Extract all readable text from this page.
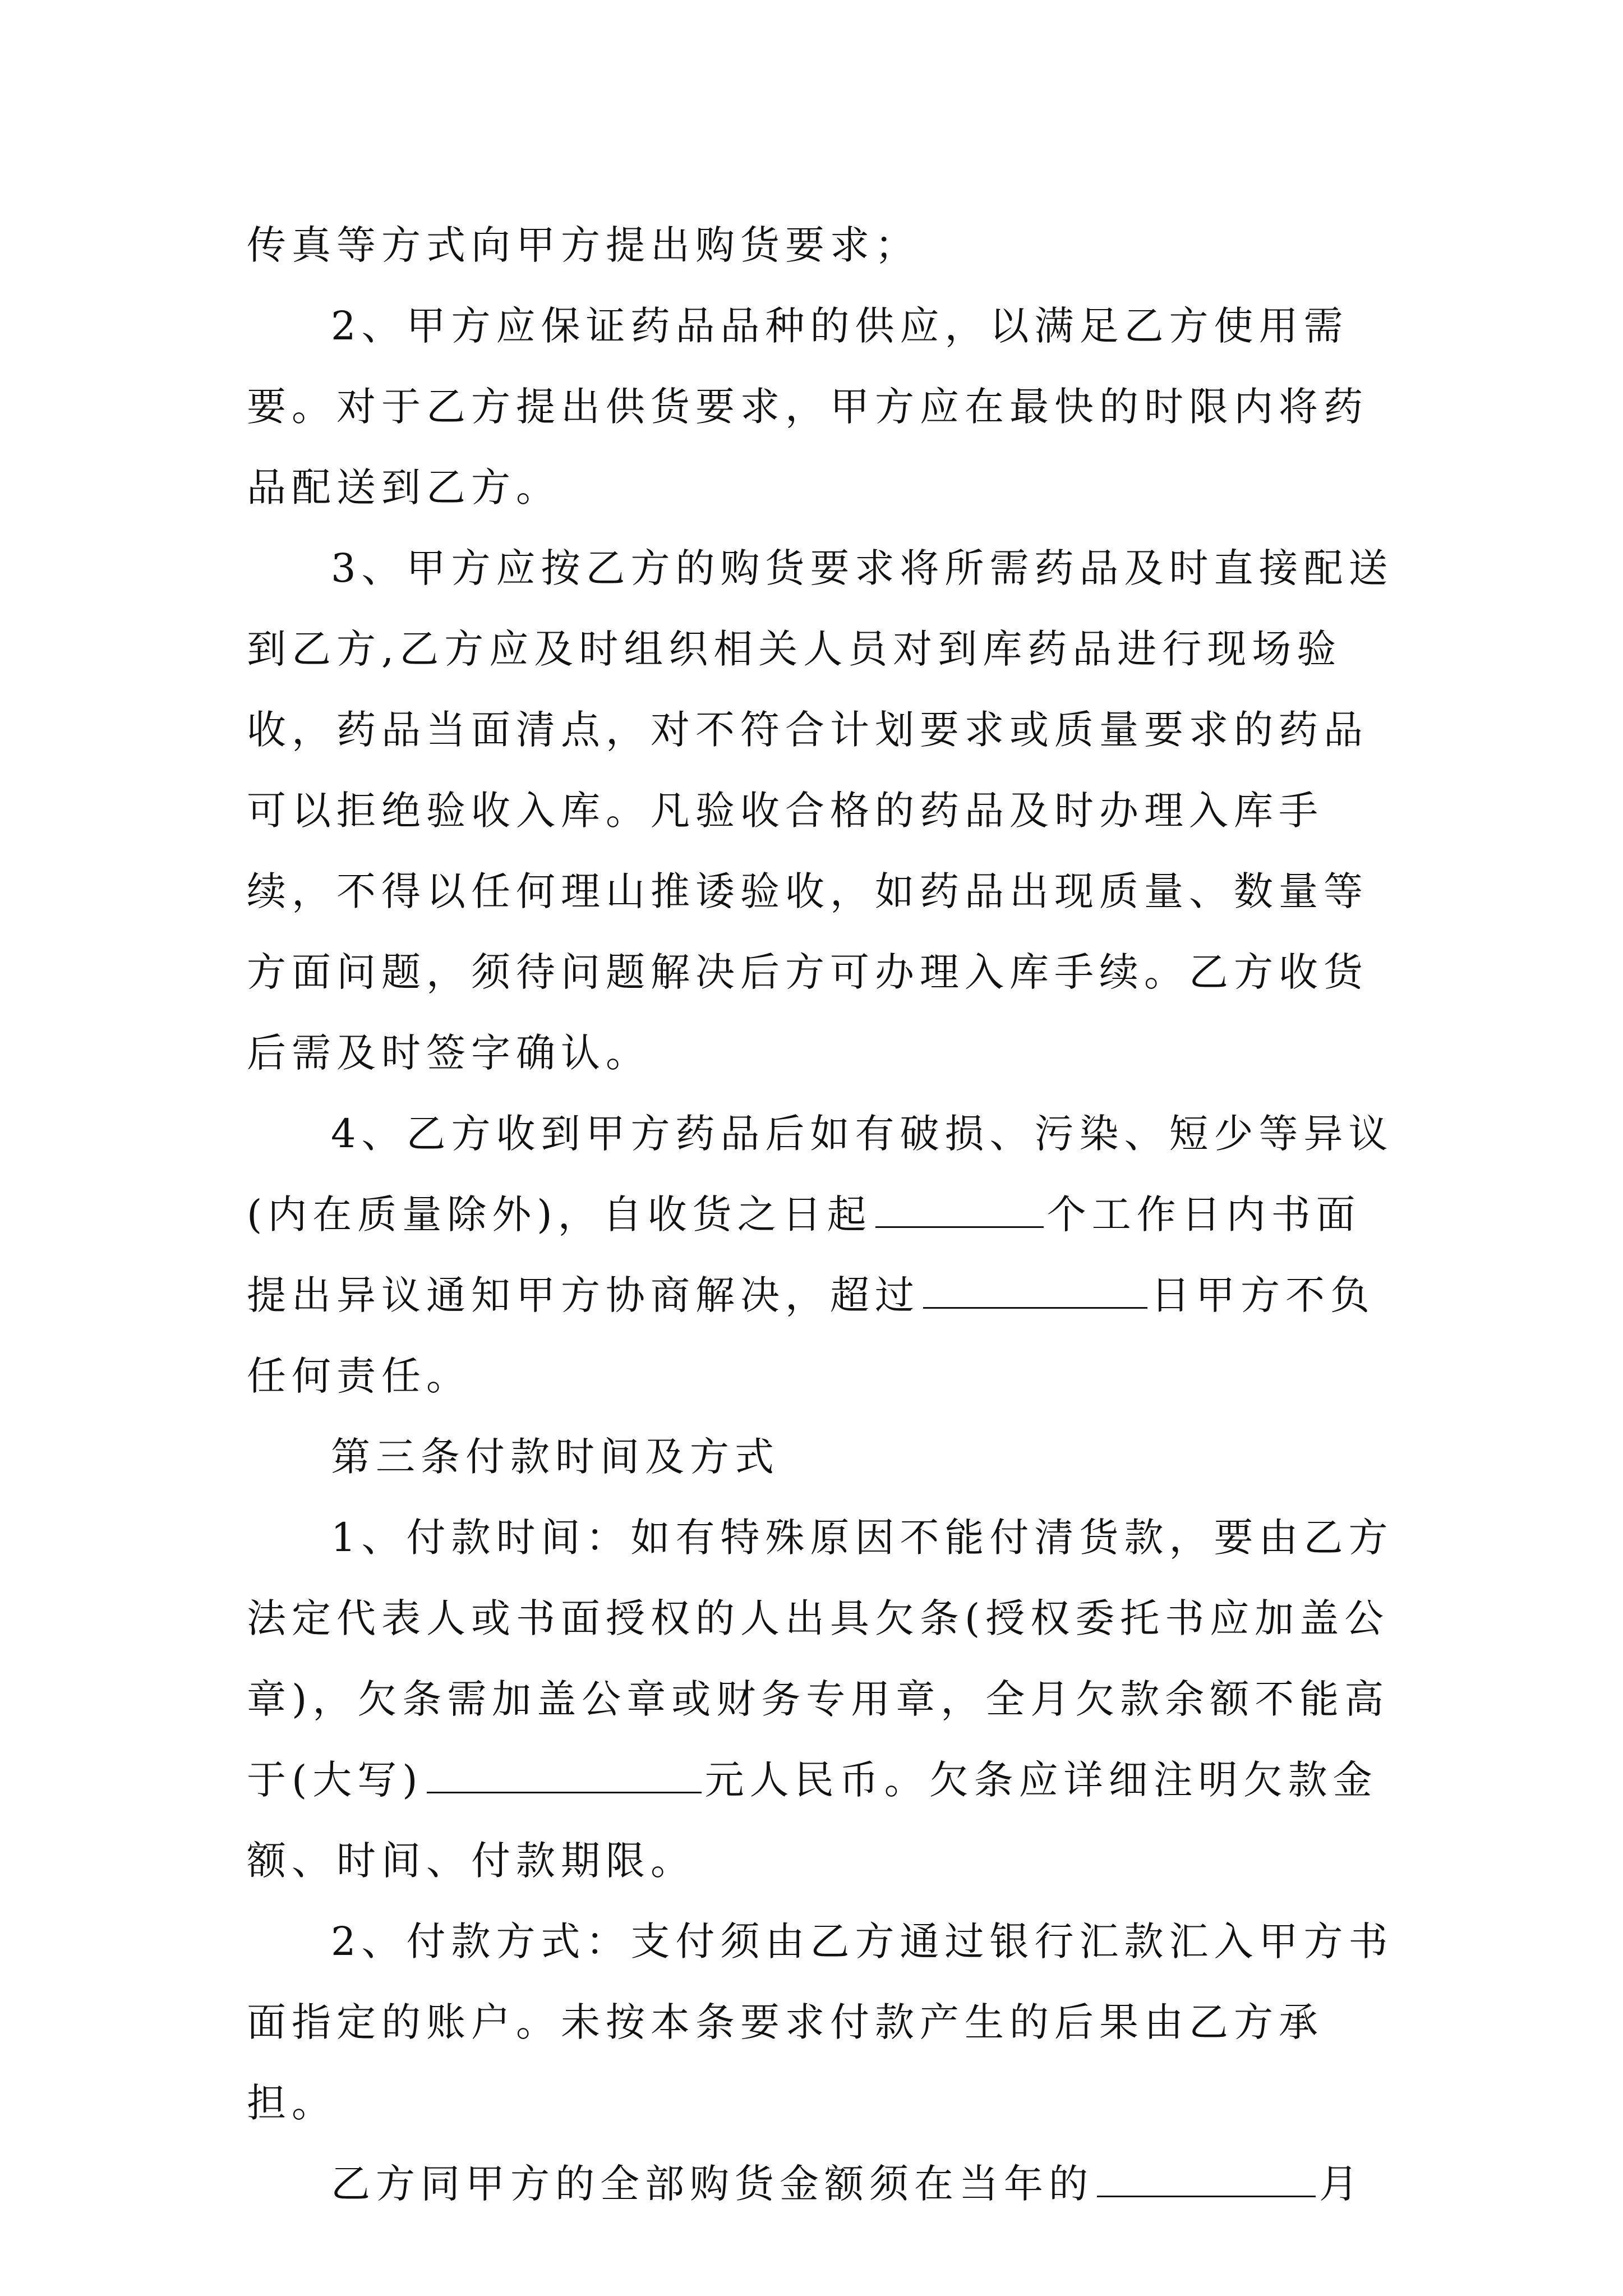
传真等方式向甲方提出购货要求；

2、甲方应保证药品品种的供应，以满足乙方使用需要。对于乙方提出供货要求，甲方应在最快的时限内将药品配送到乙方。

3、甲方应按乙方的购货要求将所需药品及时直接配送到乙方,乙方应及时组织相关人员对到库药品进行现场验收，药品当面清点，对不符合计划要求或质量要求的药品可以拒绝验收入库。凡验收合格的药品及时办理入库手续，不得以任何理山推诿验收，如药品出现质量、数量等方面问题，须待问题解决后方可办理入库手续。乙方收货后需及时签字确认。

4、乙方收到甲方药品后如有破损、污染、短少等异议(内在质量除外)，自收货之日起	个工作日内书面提出异议通知甲方协商解决，超过	日甲方不负任何责任。

第三条付款时间及方式

1、付款时间：如有特殊原因不能付清货款，要由乙方法定代表人或书面授权的人出具欠条(授权委托书应加盖公章)，欠条需加盖公章或财务专用章，全月欠款余额不能高于(大写)	元人民币。欠条应详细注明欠款金额、时间、付款期限。

2、付款方式：支付须由乙方通过银行汇款汇入甲方书面指定的账户。未按本条要求付款产生的后果由乙方承担。

乙方同甲方的全部购货金额须在当年的	月
